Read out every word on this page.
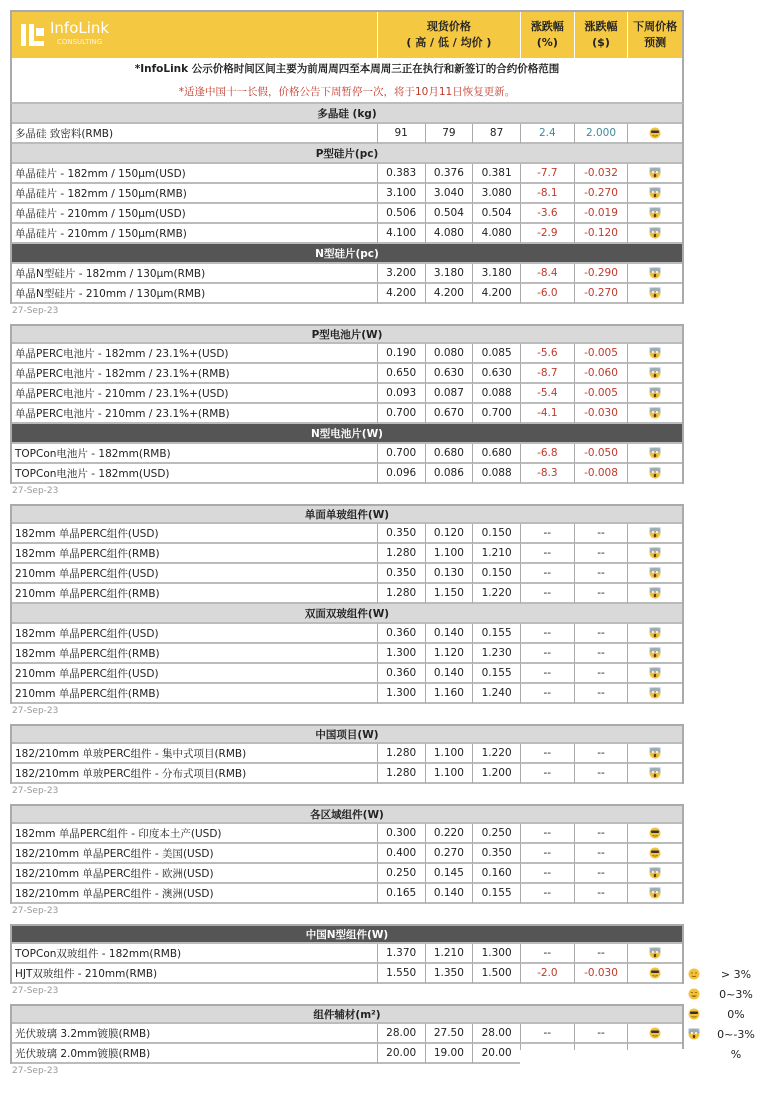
InfoLink
CONSULTING
现货价格
( 高 / 低 / 均价 )
涨跌幅
(%)
涨跌幅
($)
下周价格
预测
*InfoLink 公示价格时间区间主要为前周周四至本周周三正在执行和新签订的合约价格范围
*适逢中国十一长假，价格公告下周暂停一次，将于10月11日恢复更新。
多晶硅 (kg)
多晶硅 致密料(RMB)	91	79	87	2.4	2.000
P型硅片(pc)
单晶硅片 - 182mm / 150μm(USD)	0.383	0.376	0.381	-7.7	-0.032
单晶硅片 - 182mm / 150μm(RMB)	3.100	3.040	3.080	-8.1	-0.270
单晶硅片 - 210mm / 150μm(USD)	0.506	0.504	0.504	-3.6	-0.019
单晶硅片 - 210mm / 150μm(RMB)	4.100	4.080	4.080	-2.9	-0.120
N型硅片(pc)
单晶N型硅片 - 182mm / 130μm(RMB)	3.200	3.180	3.180	-8.4	-0.290
单晶N型硅片 - 210mm / 130μm(RMB)	4.200	4.200	4.200	-6.0	-0.270
27-Sep-23
P型电池片(W)
单晶PERC电池片 - 182mm / 23.1%+(USD)	0.190	0.080	0.085	-5.6	-0.005
单晶PERC电池片 - 182mm / 23.1%+(RMB)	0.650	0.630	0.630	-8.7	-0.060
单晶PERC电池片 - 210mm / 23.1%+(USD)	0.093	0.087	0.088	-5.4	-0.005
单晶PERC电池片 - 210mm / 23.1%+(RMB)	0.700	0.670	0.700	-4.1	-0.030
N型电池片(W)
TOPCon电池片 - 182mm(RMB)	0.700	0.680	0.680	-6.8	-0.050
TOPCon电池片 - 182mm(USD)	0.096	0.086	0.088	-8.3	-0.008
27-Sep-23
单面单玻组件(W)
182mm 单晶PERC组件(USD)	0.350	0.120	0.150	--	--
182mm 单晶PERC组件(RMB)	1.280	1.100	1.210	--	--
210mm 单晶PERC组件(USD)	0.350	0.130	0.150	--	--
210mm 单晶PERC组件(RMB)	1.280	1.150	1.220	--	--
双面双玻组件(W)
182mm 单晶PERC组件(USD)	0.360	0.140	0.155	--	--
182mm 单晶PERC组件(RMB)	1.300	1.120	1.230	--	--
210mm 单晶PERC组件(USD)	0.360	0.140	0.155	--	--
210mm 单晶PERC组件(RMB)	1.300	1.160	1.240	--	--
27-Sep-23
中国项目(W)
182/210mm 单玻PERC组件 - 集中式项目(RMB)	1.280	1.100	1.220	--	--
182/210mm 单玻PERC组件 - 分布式项目(RMB)	1.280	1.100	1.200	--	--
27-Sep-23
各区域组件(W)
182mm 单晶PERC组件 - 印度本土产(USD)	0.300	0.220	0.250	--	--
182/210mm 单晶PERC组件 - 美国(USD)	0.400	0.270	0.350	--	--
182/210mm 单晶PERC组件 - 欧洲(USD)	0.250	0.145	0.160	--	--
182/210mm 单晶PERC组件 - 澳洲(USD)	0.165	0.140	0.155	--	--
27-Sep-23
中国N型组件(W)
TOPCon双玻组件 - 182mm(RMB)	1.370	1.210	1.300	--	--
HJT双玻组件 - 210mm(RMB)	1.550	1.350	1.500	-2.0	-0.030
27-Sep-23
组件辅材(m²)
光伏玻璃 3.2mm镀膜(RMB)	28.00	27.50	28.00	--	--
光伏玻璃 2.0mm镀膜(RMB)	20.00	19.00	20.00
27-Sep-23
> 3%
0~3%
0%
0~-3%
%
